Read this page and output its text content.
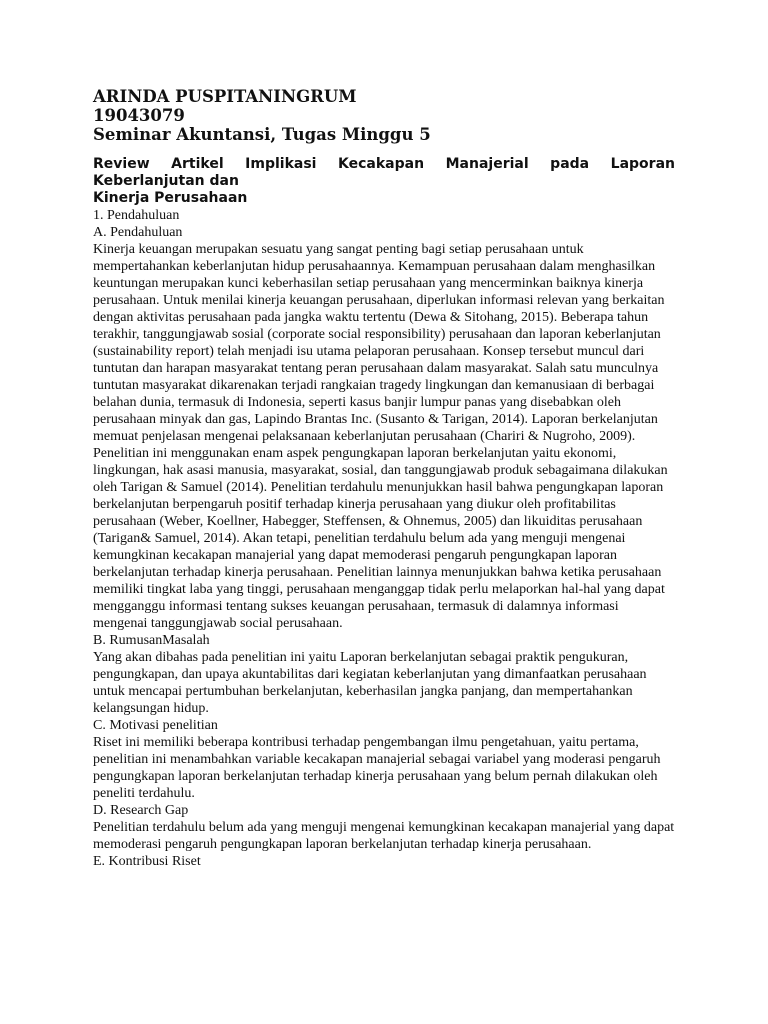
ARINDA PUSPITANINGRUM
19043079
Seminar Akuntansi, Tugas Minggu 5
Review Artikel Implikasi Kecakapan Manajerial pada Laporan
Keberlanjutan dan
Kinerja Perusahaan

1. Pendahuluan

A. Pendahuluan

Kinerja keuangan merupakan sesuatu yang sangat penting bagi setiap perusahaan untuk mempertahankan keberlanjutan hidup perusahaannya. Kemampuan perusahaan dalam menghasilkan keuntungan merupakan kunci keberhasilan setiap perusahaan yang mencerminkan baiknya kinerja perusahaan. Untuk menilai kinerja keuangan perusahaan, diperlukan informasi relevan yang berkaitan dengan aktivitas perusahaan pada jangka waktu tertentu (Dewa & Sitohang, 2015). Beberapa tahun terakhir, tanggungjawab sosial (corporate social responsibility) perusahaan dan laporan keberlanjutan (sustainability report) telah menjadi isu utama pelaporan perusahaan. Konsep tersebut muncul dari tuntutan dan harapan masyarakat tentang peran perusahaan dalam masyarakat. Salah satu munculnya tuntutan masyarakat dikarenakan terjadi rangkaian tragedy lingkungan dan kemanusiaan di berbagai belahan dunia, termasuk di Indonesia, seperti kasus banjir lumpur panas yang disebabkan oleh perusahaan minyak dan gas, Lapindo Brantas Inc. (Susanto & Tarigan, 2014). Laporan berkelanjutan memuat penjelasan mengenai pelaksanaan keberlanjutan perusahaan (Chariri & Nugroho, 2009).

Penelitian ini menggunakan enam aspek pengungkapan laporan berkelanjutan yaitu ekonomi, lingkungan, hak asasi manusia, masyarakat, sosial, dan tanggungjawab produk sebagaimana dilakukan oleh Tarigan & Samuel (2014). Penelitian terdahulu menunjukkan hasil bahwa pengungkapan laporan berkelanjutan berpengaruh positif terhadap kinerja perusahaan yang diukur oleh profitabilitas perusahaan (Weber, Koellner, Habegger, Steffensen, & Ohnemus, 2005) dan likuiditas perusahaan (Tarigan& Samuel, 2014). Akan tetapi, penelitian terdahulu belum ada yang menguji mengenai kemungkinan kecakapan manajerial yang dapat memoderasi pengaruh pengungkapan laporan berkelanjutan terhadap kinerja perusahaan. Penelitian lainnya menunjukkan bahwa ketika perusahaan memiliki tingkat laba yang tinggi, perusahaan menganggap tidak perlu melaporkan hal-hal yang dapat mengganggu informasi tentang sukses keuangan perusahaan, termasuk di dalamnya informasi mengenai tanggungjawab social perusahaan.

B. RumusanMasalah

Yang akan dibahas pada penelitian ini yaitu Laporan berkelanjutan sebagai praktik pengukuran, pengungkapan, dan upaya akuntabilitas dari kegiatan keberlanjutan yang dimanfaatkan perusahaan untuk mencapai pertumbuhan berkelanjutan, keberhasilan jangka panjang, dan mempertahankan kelangsungan hidup.

C. Motivasi penelitian

Riset ini memiliki beberapa kontribusi terhadap pengembangan ilmu pengetahuan, yaitu pertama, penelitian ini menambahkan variable kecakapan manajerial sebagai variabel yang moderasi pengaruh pengungkapan laporan berkelanjutan terhadap kinerja perusahaan yang belum pernah dilakukan oleh peneliti terdahulu.

D. Research Gap

Penelitian terdahulu belum ada yang menguji mengenai kemungkinan kecakapan manajerial yang dapat memoderasi pengaruh pengungkapan laporan berkelanjutan terhadap kinerja perusahaan.

E. Kontribusi Riset
